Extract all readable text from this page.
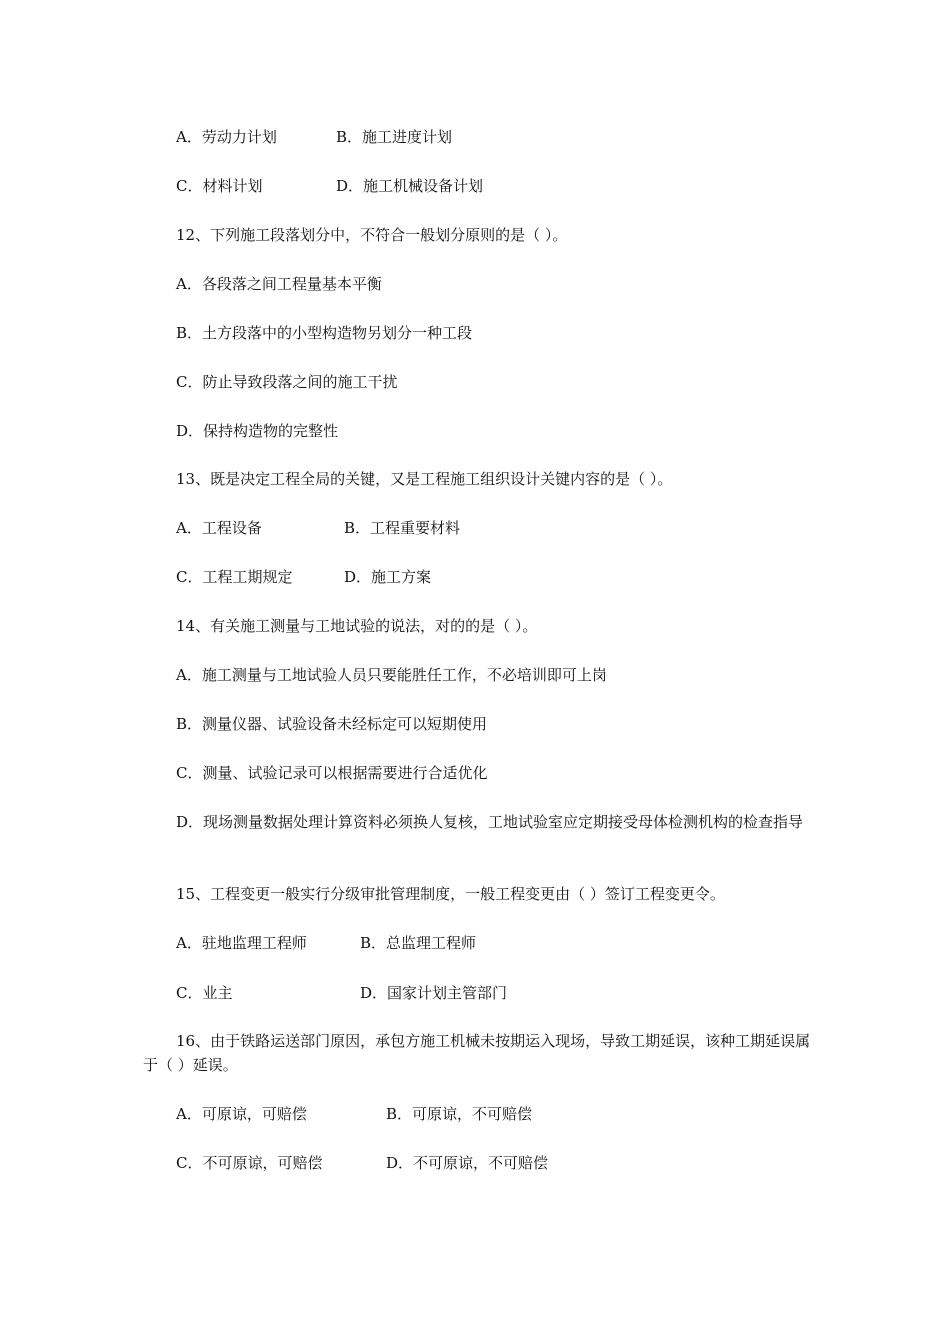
A．劳动力计划	B．施工进度计划
C．材料计划	D．施工机械设备计划
12、下列施工段落划分中，不符合一般划分原则的是（ ）。
A．各段落之间工程量基本平衡
B．土方段落中的小型构造物另划分一种工段
C．防止导致段落之间的施工干扰
D．保持构造物的完整性
13、既是决定工程全局的关键，又是工程施工组织设计关键内容的是（ ）。
A．工程设备	B．工程重要材料
C．工程工期规定	D．施工方案
14、有关施工测量与工地试验的说法，对的的是（ ）。
A．施工测量与工地试验人员只要能胜任工作，不必培训即可上岗
B．测量仪器、试验设备未经标定可以短期使用
C．测量、试验记录可以根据需要进行合适优化
D．现场测量数据处理计算资料必须换人复核，工地试验室应定期接受母体检测机构的检查指导
15、工程变更一般实行分级审批管理制度，一般工程变更由（ ）签订工程变更令。
A．驻地监理工程师	B．总监理工程师
C．业主	D．国家计划主管部门
16、由于铁路运送部门原因，承包方施工机械未按期运入现场，导致工期延误，该种工期延误属于（ ）延误。
A．可原谅，可赔偿	B．可原谅，不可赔偿
C．不可原谅，可赔偿	D．不可原谅，不可赔偿
